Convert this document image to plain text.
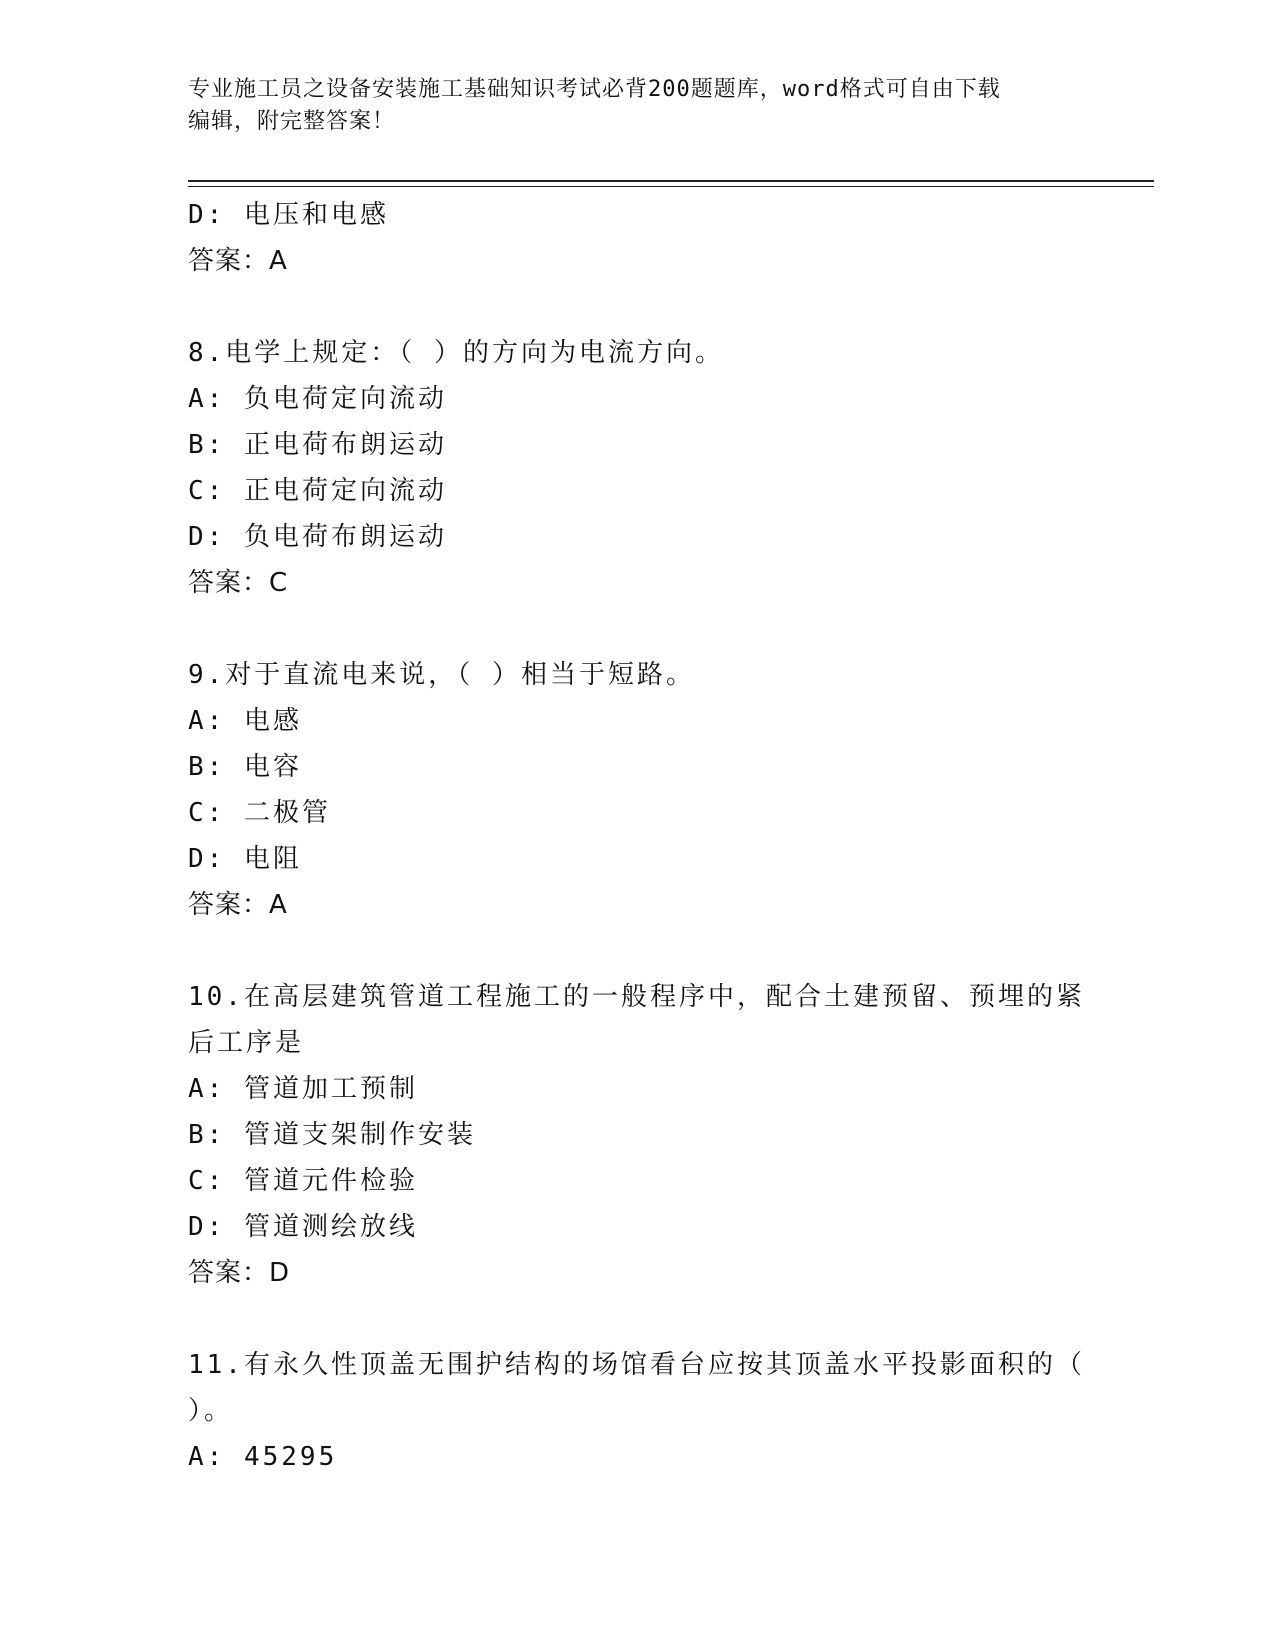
专业施工员之设备安装施工基础知识考试必背200题题库，word格式可自由下载
编辑，附完整答案！
D: 电压和电感
答案：A
8.电学上规定：（ ）的方向为电流方向。
A: 负电荷定向流动
B: 正电荷布朗运动
C: 正电荷定向流动
D: 负电荷布朗运动
答案：C
9.对于直流电来说，（ ）相当于短路。
A: 电感
B: 电容
C: 二极管
D: 电阻
答案：A
10.在高层建筑管道工程施工的一般程序中，配合土建预留、预埋的紧
后工序是
A: 管道加工预制
B: 管道支架制作安装
C: 管道元件检验
D: 管道测绘放线
答案：D
11.有永久性顶盖无围护结构的场馆看台应按其顶盖水平投影面积的（
）。
A: 45295
